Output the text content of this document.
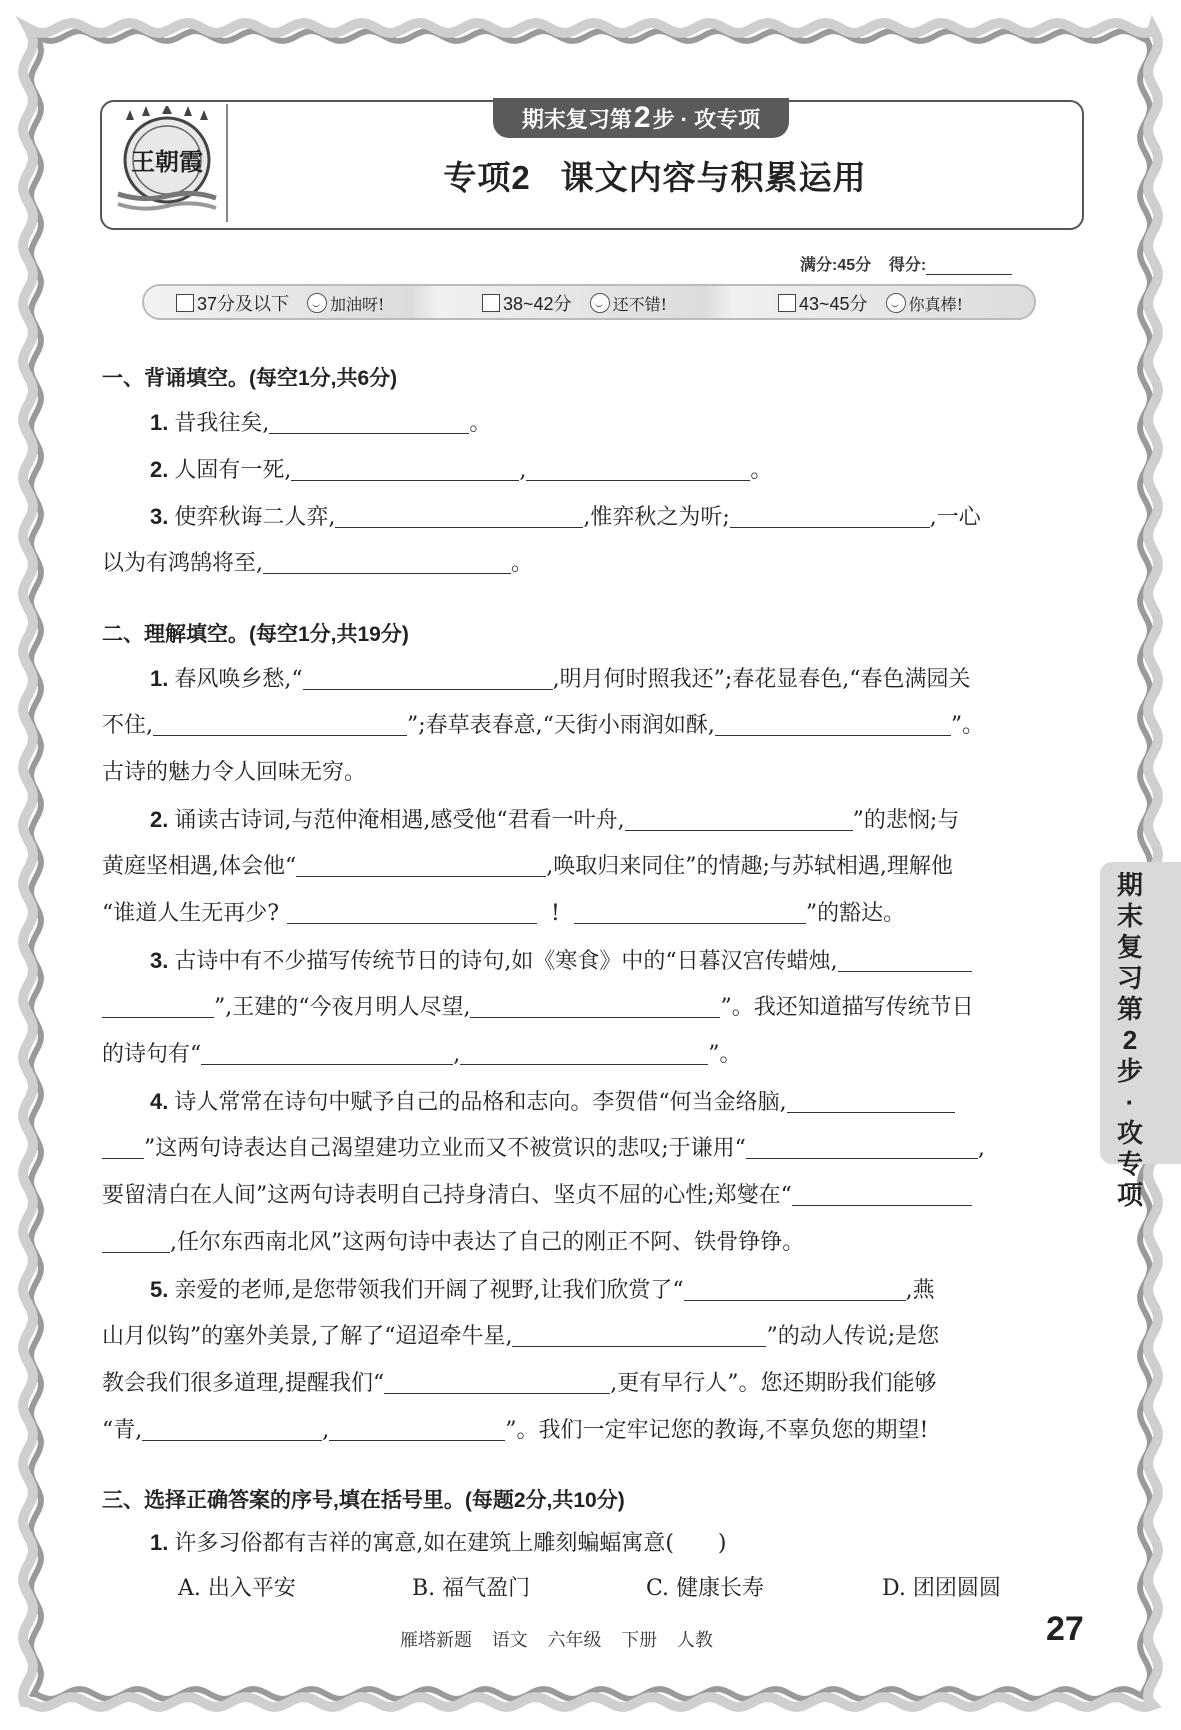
王朝霞
期末复习第 2 步 · 攻专项
专项2 课文内容与积累运用
满分:45分 得分:
37分及以下	加油呀!	38~42分	还不错!	43~45分	你真棒!
一、背诵填空。(每空1分,共6分)
1. 昔我往矣,	。
2. 人固有一死,	,	。
3. 使弈秋诲二人弈,	,惟弈秋之为听;	,一心
以为有鸿鹄将至,	。
二、理解填空。(每空1分,共19分)
1. 春风唤乡愁,“	,明月何时照我还”;春花显春色,“春色满园关
不住,	”;春草表春意,“天街小雨润如酥,	”。
古诗的魅力令人回味无穷。
2. 诵读古诗词,与范仲淹相遇,感受他“君看一叶舟,	”的悲悯;与
黄庭坚相遇,体会他“	,唤取归来同住”的情趣;与苏轼相遇,理解他
“谁道人生无再少?	!	”的豁达。
3. 古诗中有不少描写传统节日的诗句,如《寒食》中的“日暮汉宫传蜡烛,
”,王建的“今夜月明人尽望,	”。我还知道描写传统节日
的诗句有“	,	”。
4. 诗人常常在诗句中赋予自己的品格和志向。李贺借“何当金络脑,
”这两句诗表达自己渴望建功立业而又不被赏识的悲叹;于谦用“	,
要留清白在人间”这两句诗表明自己持身清白、坚贞不屈的心性;郑燮在“
,任尔东西南北风”这两句诗中表达了自己的刚正不阿、铁骨铮铮。
5. 亲爱的老师,是您带领我们开阔了视野,让我们欣赏了“	,燕
山月似钩”的塞外美景,了解了“迢迢牵牛星,	”的动人传说;是您
教会我们很多道理,提醒我们“	,更有早行人”。您还期盼我们能够
“青,	,	”。我们一定牢记您的教诲,不辜负您的期望!
三、选择正确答案的序号,填在括号里。(每题2分,共10分)
1. 许多习俗都有吉祥的寓意,如在建筑上雕刻蝙蝠寓意(　　)
A. 出入平安	B. 福气盈门	C. 健康长寿	D. 团团圆圆
期
末
复
习
第
2
步
·
攻
专
项
雁塔新题 语文 六年级 下册 人教	27
